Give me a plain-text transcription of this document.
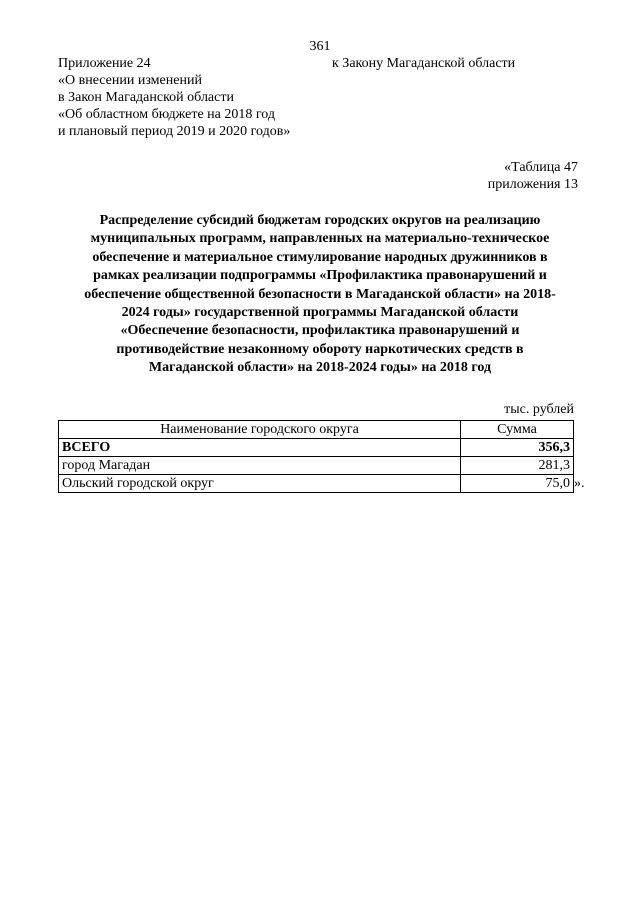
361
Приложение 24	к Закону Магаданской области
«О внесении изменений
в Закон Магаданской области
«Об областном бюджете на 2018 год
и плановый период 2019 и 2020 годов»
«Таблица 47
приложения 13
Распределение субсидий бюджетам городских округов на реализацию
муниципальных программ, направленных на материально-техническое
обеспечение и материальное стимулирование народных дружинников в
рамках реализации подпрограммы «Профилактика правонарушений и
обеспечение общественной безопасности в Магаданской области» на 2018-
2024 годы» государственной программы Магаданской области
«Обеспечение безопасности, профилактика правонарушений и
противодействие незаконному обороту наркотических средств в
Магаданской области» на 2018-2024 годы» на 2018 год
тыс. рублей
Наименование городского округа	Сумма
ВСЕГО	356,3
город Магадан	281,3
Ольский городской округ	75,0 ».
